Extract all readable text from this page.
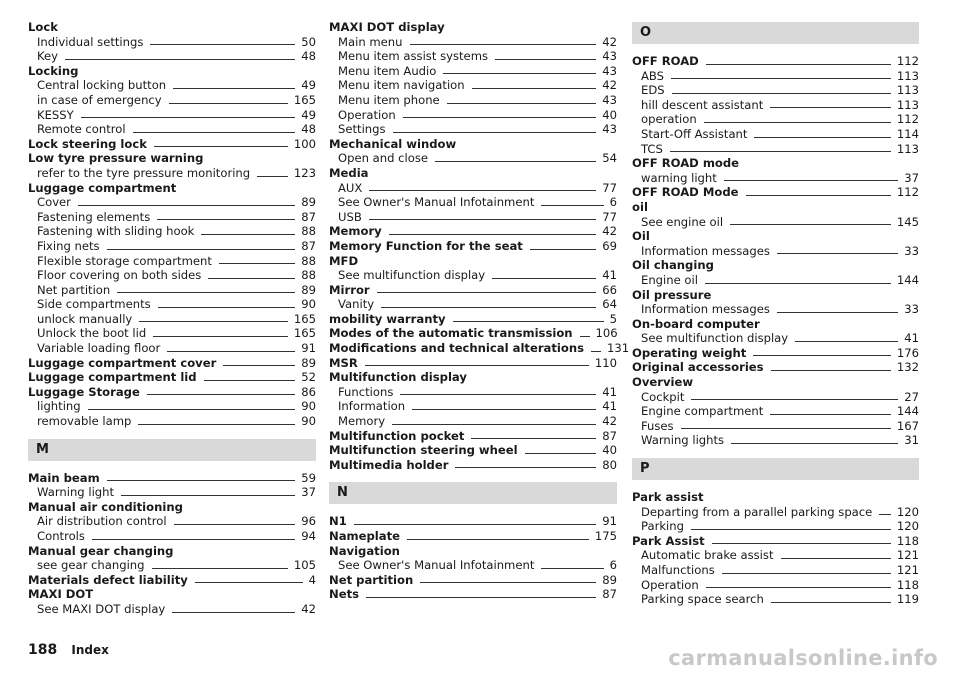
Lock
Individual settings	50
Key	48
Locking
Central locking button	49
in case of emergency	165
KESSY	49
Remote control	48
Lock steering lock	100
Low tyre pressure warning
refer to the tyre pressure monitoring	123
Luggage compartment
Cover	89
Fastening elements	87
Fastening with sliding hook	88
Fixing nets	87
Flexible storage compartment	88
Floor covering on both sides	88
Net partition	89
Side compartments	90
unlock manually	165
Unlock the boot lid	165
Variable loading floor	91
Luggage compartment cover	89
Luggage compartment lid	52
Luggage Storage	86
lighting	90
removable lamp	90
M
Main beam	59
Warning light	37
Manual air conditioning
Air distribution control	96
Controls	94
Manual gear changing
see gear changing	105
Materials defect liability	4
MAXI DOT
See MAXI DOT display	42
MAXI DOT display
Main menu	42
Menu item assist systems	43
Menu item Audio	43
Menu item navigation	42
Menu item phone	43
Operation	40
Settings	43
Mechanical window
Open and close	54
Media
AUX	77
See Owner's Manual Infotainment	6
USB	77
Memory	42
Memory Function for the seat	69
MFD
See multifunction display	41
Mirror	66
Vanity	64
mobility warranty	5
Modes of the automatic transmission 106
Modifications and technical alterations 131
MSR	110
Multifunction display
Functions	41
Information	41
Memory	42
Multifunction pocket	87
Multifunction steering wheel	40
Multimedia holder	80
N
N1	91
Nameplate	175
Navigation
See Owner's Manual Infotainment	6
Net partition	89
Nets	87
O
OFF ROAD	112
ABS	113
EDS	113
hill descent assistant	113
operation	112
Start-Off Assistant	114
TCS	113
OFF ROAD mode
warning light	37
OFF ROAD Mode	112
oil
See engine oil	145
Oil
Information messages	33
Oil changing
Engine oil	144
Oil pressure
Information messages	33
On-board computer
See multifunction display	41
Operating weight	176
Original accessories	132
Overview
Cockpit	27
Engine compartment	144
Fuses	167
Warning lights	31
P
Park assist
Departing from a parallel parking space 120
Parking	120
Park Assist	118
Automatic brake assist	121
Malfunctions	121
Operation	118
Parking space search	119
188 Index	carmanualsonline.info
